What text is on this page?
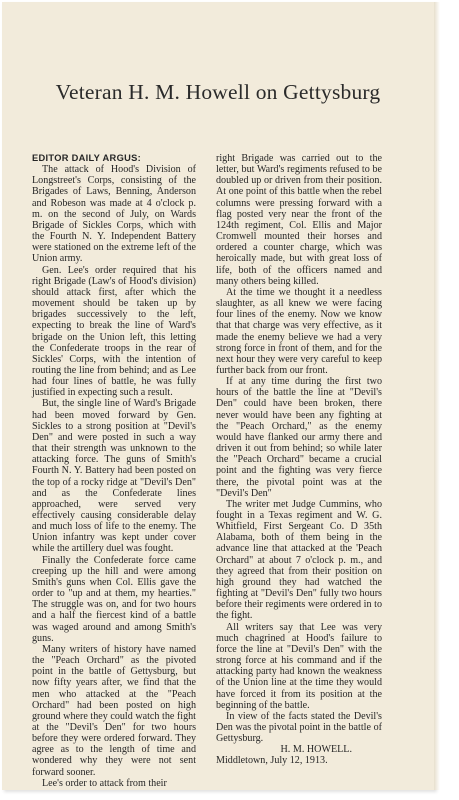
Veteran H. M. Howell on Gettysburg

EDITOR DAILY ARGUS:

The attack of Hood's Division of Longstreet's Corps, consisting of the Brigades of Laws, Benning, Anderson and Robeson was made at 4 o'clock p. m. on the second of July, on Wards Brigade of Sickles Corps, which with the Fourth N. Y. Independent Battery were stationed on the extreme left of the Union army.

Gen. Lee's order required that his right Brigade (Law's of Hood's division) should attack first, after which the movement should be taken up by brigades successively to the left, expecting to break the line of Ward's brigade on the Union left, this letting the Confederate troops in the rear of Sickles' Corps, with the intention of routing the line from behind; and as Lee had four lines of battle, he was fully justified in expecting such a result.

But, the single line of Ward's Brigade had been moved forward by Gen. Sickles to a strong position at "Devil's Den" and were posted in such a way that their strength was unknown to the attacking force. The guns of Smith's Fourth N. Y. Battery had been posted on the top of a rocky ridge at "Devil's Den" and as the Confederate lines approached, were served very effectively causing considerable delay and much loss of life to the enemy. The Union infantry was kept under cover while the artillery duel was fought.

Finally the Confederate force came creeping up the hill and were among Smith's guns when Col. Ellis gave the order to "up and at them, my hearties." The struggle was on, and for two hours and a half the fiercest kind of a battle was waged around and among Smith's guns.

Many writers of history have named the "Peach Orchard" as the pivoted point in the battle of Gettysburg, but now fifty years after, we find that the men who attacked at the "Peach Orchard" had been posted on high ground where they could watch the fight at the "Devil's Den" for two hours before they were ordered forward. They agree as to the length of time and wondered why they were not sent forward sooner.

Lee's order to attack from their

right Brigade was carried out to the letter, but Ward's regiments refused to be doubled up or driven from their position. At one point of this battle when the rebel columns were pressing forward with a flag posted very near the front of the 124th regiment, Col. Ellis and Major Cromwell mounted their horses and ordered a counter charge, which was heroically made, but with great loss of life, both of the officers named and many others being killed.

At the time we thought it a needless slaughter, as all knew we were facing four lines of the enemy. Now we know that that charge was very effective, as it made the enemy believe we had a very strong force in front of them, and for the next hour they were very careful to keep further back from our front.

If at any time during the first two hours of the battle the line at "Devil's Den" could have been broken, there never would have been any fighting at the "Peach Orchard," as the enemy would have flanked our army there and driven it out from behind; so while later the "Peach Orchard" became a crucial point and the fighting was very fierce there, the pivotal point was at the "Devil's Den"

The writer met Judge Cummins, who fought in a Texas regiment and W. G. Whitfield, First Sergeant Co. D 35th Alabama, both of them being in the advance line that attacked at the 'Peach Orchard" at about 7 o'clock p. m., and they agreed that from their position on high ground they had watched the fighting at "Devil's Den" fully two hours before their regiments were ordered in to the fight.

All writers say that Lee was very much chagrined at Hood's failure to force the line at "Devil's Den" with the strong force at his command and if the attacking party had known the weakness of the Union line at the time they would have forced it from its position at the beginning of the battle.

In view of the facts stated the Devil's Den was the pivotal point in the battle of Gettysburg.

H. M. HOWELL.

Middletown, July 12, 1913.
